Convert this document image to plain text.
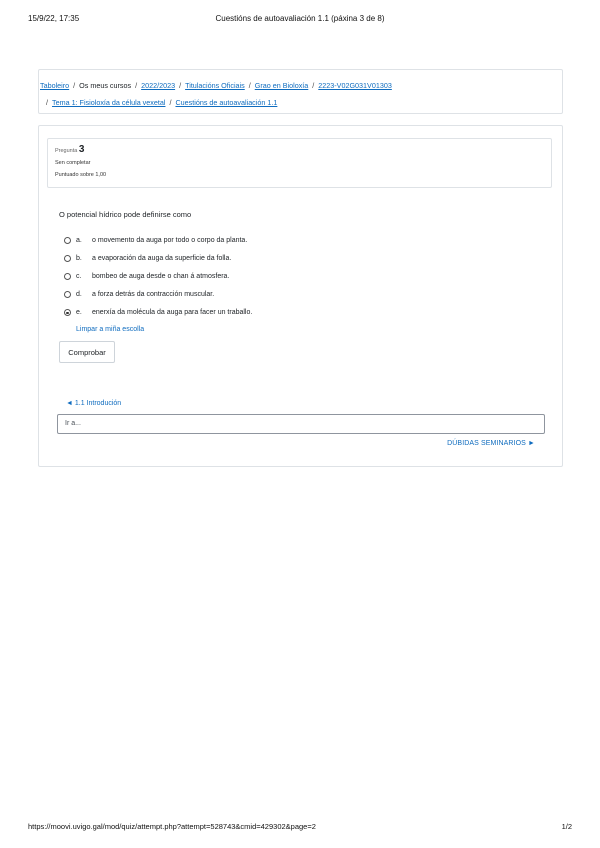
15/9/22, 17:35	Cuestións de autoavaliación 1.1 (páxina 3 de 8)
Taboleiro / Os meus cursos / 2022/2023 / Titulacións Oficiais / Grao en Bioloxía / 2223-V02G031V01303
/ Tema 1: Fisioloxía da célula vexetal / Cuestións de autoavaliación 1.1
Pregunta 3
Sen completar
Puntuado sobre 1,00
O potencial hídrico pode definirse como
a.	o movemento da auga por todo o corpo da planta.
b.	a evaporación da auga da superficie da folla.
c.	bombeo de auga desde o chan á atmosfera.
d.	a forza detrás da contracción muscular.
e.	enerxía da molécula da auga para facer un traballo.
Limpar a miña escolla
Comprobar
◄ 1.1 Introdución
Ir a...
DÚBIDAS SEMINARIOS ►
https://moovi.uvigo.gal/mod/quiz/attempt.php?attempt=528743&cmid=429302&page=2	1/2
